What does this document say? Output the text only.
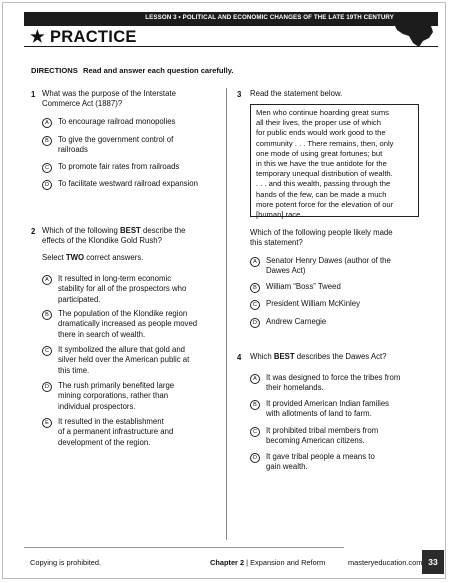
LESSON 3 • POLITICAL AND ECONOMIC CHANGES OF THE LATE 19TH CENTURY
★ PRACTICE
DIRECTIONS Read and answer each question carefully.
1 What was the purpose of the Interstate
Commerce Act (1887)?
A	To encourage railroad monopolies
B	To give the government control of
railroads
C	To promote fair rates from railroads
D	To facilitate westward railroad expansion
2 Which of the following BEST describe the
effects of the Klondike Gold Rush?
Select TWO correct answers.
A	It resulted in long-term economic
stability for all of the prospectors who
participated.
B	The population of the Klondike region
dramatically increased as people moved
there in search of wealth.
C	It symbolized the allure that gold and
silver held over the American public at
this time.
D	The rush primarily benefited large
mining corporations, rather than
individual prospectors.
E	It resulted in the establishment
of a permanent infrastructure and
development of the region.
3 Read the statement below.
Men who continue hoarding great sums
all their lives, the proper use of which
for public ends would work good to the
community . . . There remains, then, only
one mode of using great fortunes; but
in this we have the true antidote for the
temporary unequal distribution of wealth.
. . . and this wealth, passing through the
hands of the few, can be made a much
more potent force for the elevation of our
[human] race . . .
Which of the following people likely made
this statement?
A	Senator Henry Dawes (author of the
Dawes Act)
B	William “Boss” Tweed
C	President William McKinley
D	Andrew Carnegie
4 Which BEST describes the Dawes Act?
A	It was designed to force the tribes from
their homelands.
B	It provided American Indian families
with allotments of land to farm.
C	It prohibited tribal members from
becoming American citizens.
D	It gave tribal people a means to
gain wealth.
Copying is prohibited.	Chapter 2 | Expansion and Reform	masteryeducation.com 33
